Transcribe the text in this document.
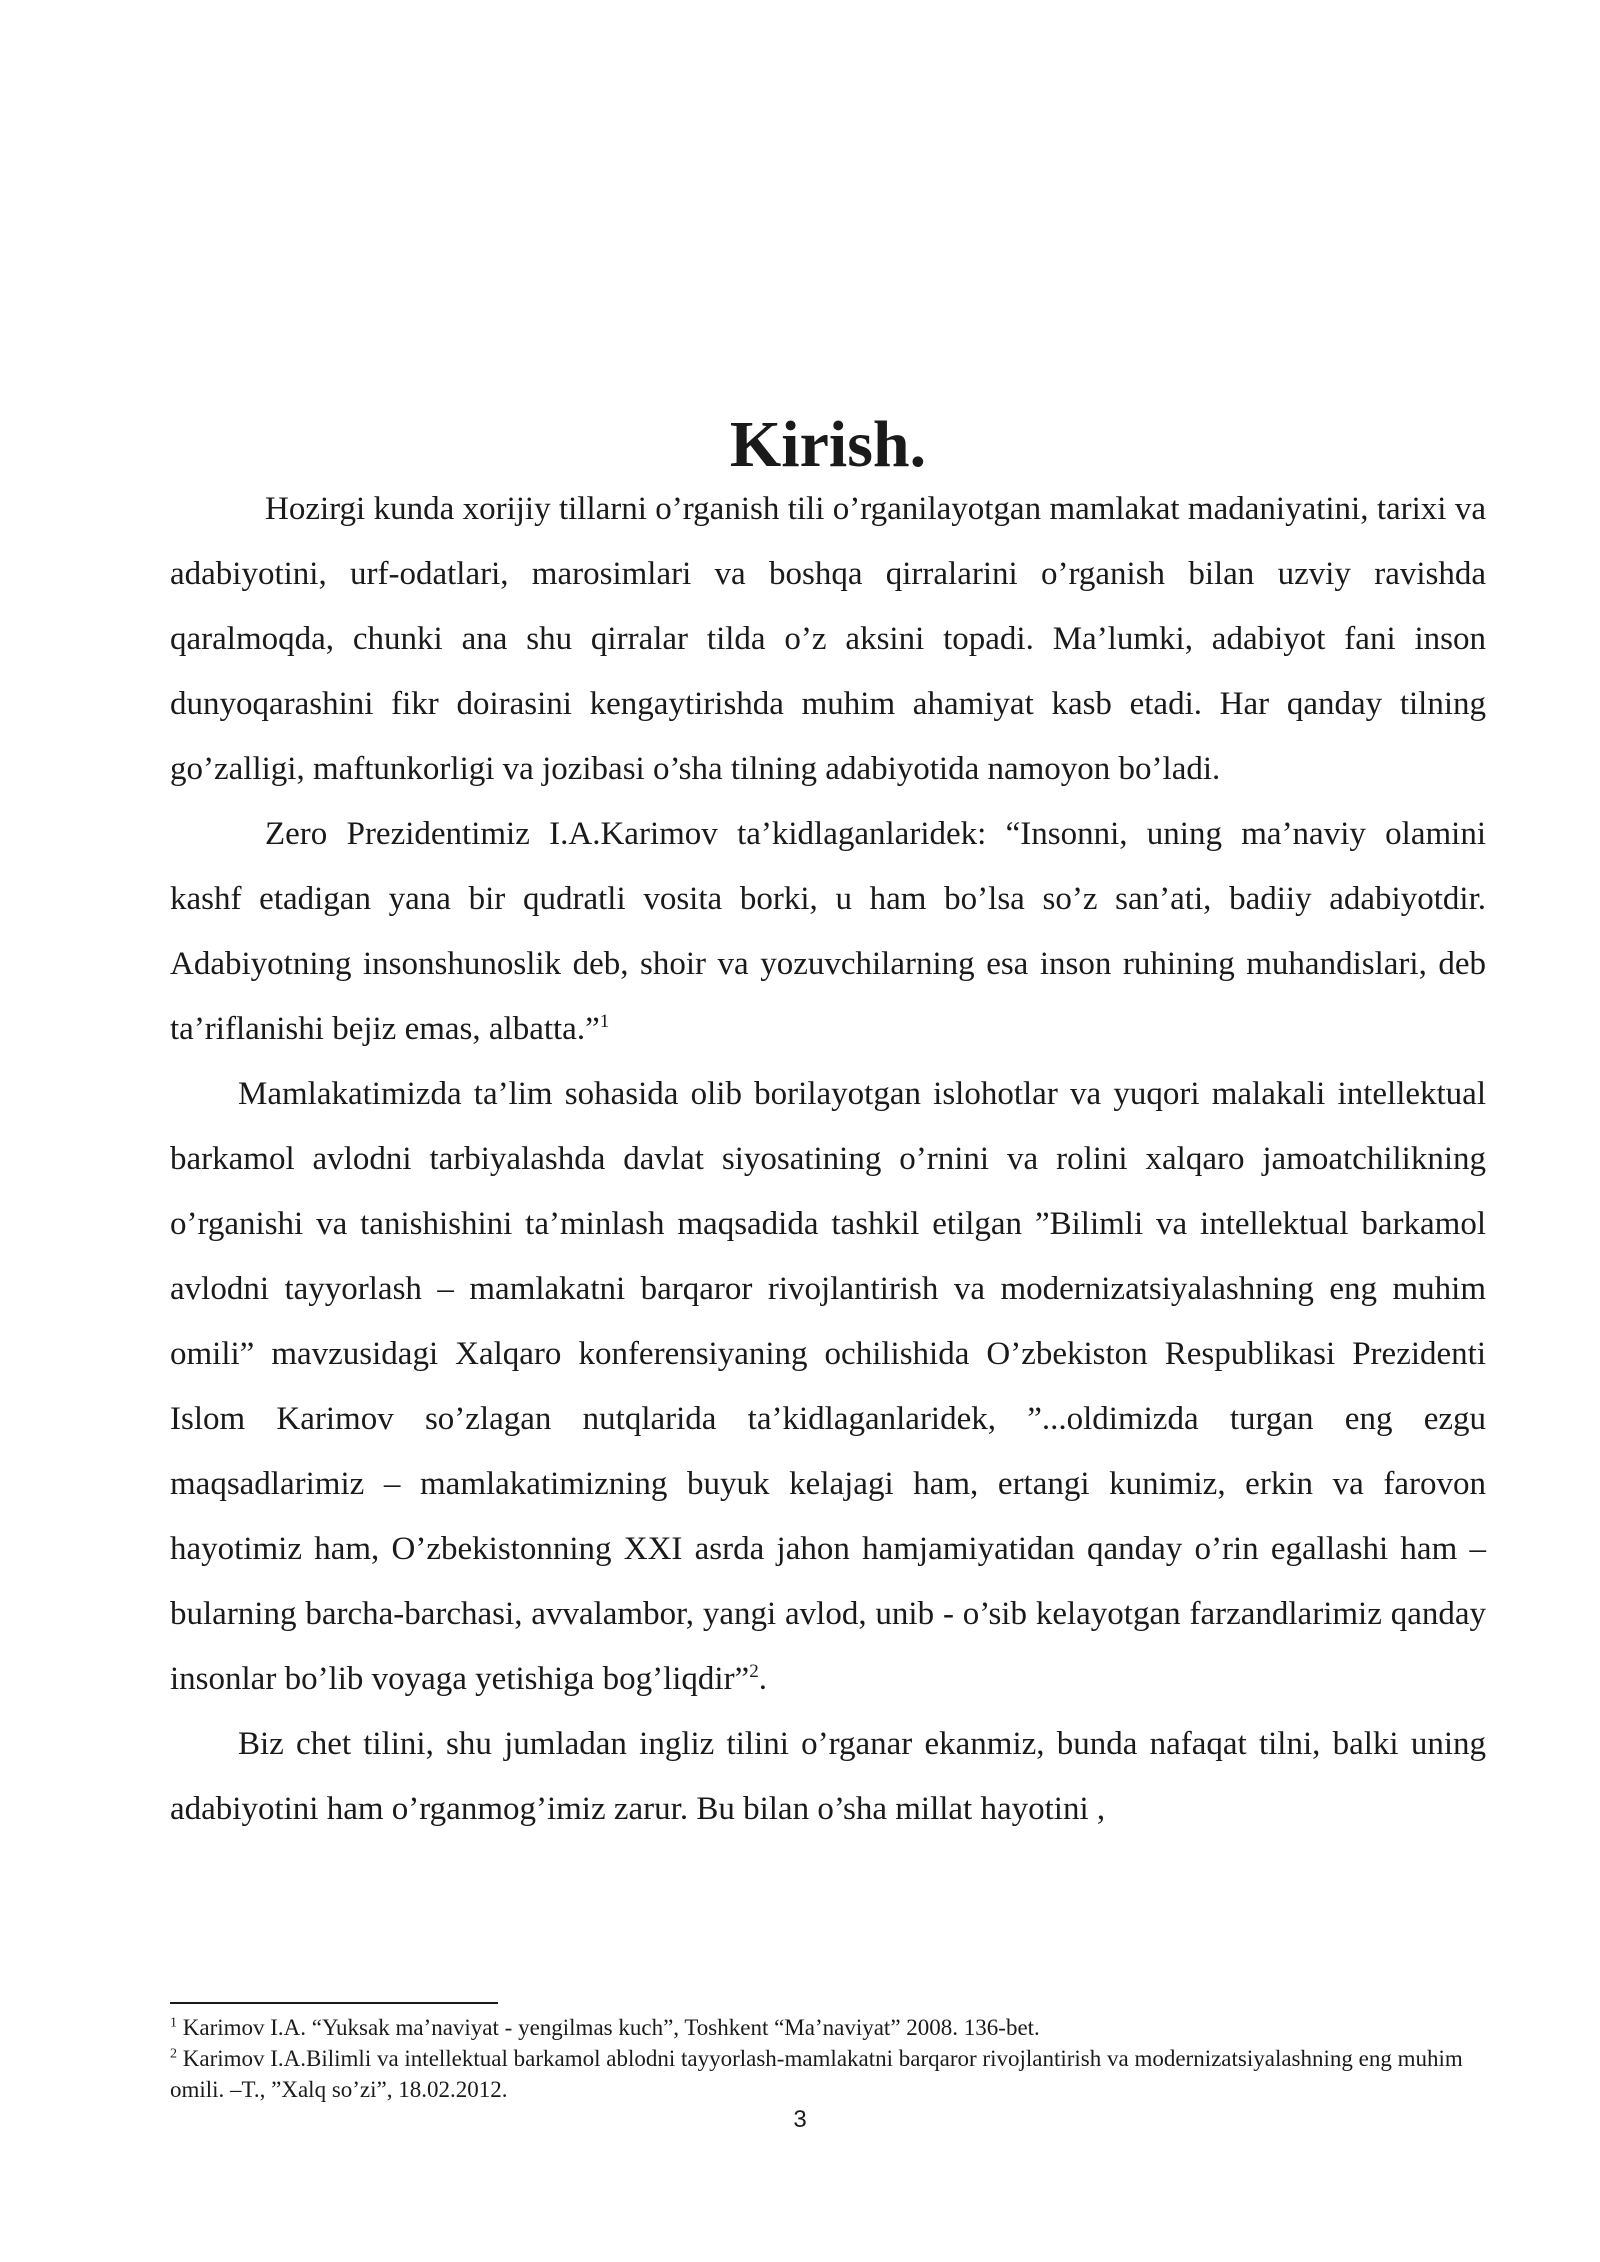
Kirish.

Hozirgi kunda xorijiy tillarni o’rganish tili o’rganilayotgan mamlakat madaniyatini, tarixi va adabiyotini, urf-odatlari, marosimlari va boshqa qirralarini o’rganish bilan uzviy ravishda qaralmoqda, chunki ana shu qirralar tilda o’z aksini topadi. Ma’lumki, adabiyot fani inson dunyoqarashini fikr doirasini kengaytirishda muhim ahamiyat kasb etadi. Har qanday tilning go’zalligi, maftunkorligi va jozibasi o’sha tilning adabiyotida namoyon bo’ladi.

Zero Prezidentimiz I.A.Karimov ta’kidlaganlaridek: “Insonni, uning ma’naviy olamini kashf etadigan yana bir qudratli vosita borki, u ham bo’lsa so’z san’ati, badiiy adabiyotdir. Adabiyotning insonshunoslik deb, shoir va yozuvchilarning esa inson ruhining muhandislari, deb ta’riflanishi bejiz emas, albatta.”$^1$

Mamlakatimizda ta’lim sohasida olib borilayotgan islohotlar va yuqori malakali intellektual barkamol avlodni tarbiyalashda davlat siyosatining o’rnini va rolini xalqaro jamoatchilikning o’rganishi va tanishishini ta’minlash maqsadida tashkil etilgan ”Bilimli va intellektual barkamol avlodni tayyorlash – mamlakatni barqaror rivojlantirish va modernizatsiyalashning eng muhim omili” mavzusidagi Xalqaro konferensiyaning ochilishida O’zbekiston Respublikasi Prezidenti Islom Karimov so’zlagan nutqlarida ta’kidlaganlaridek, ”...oldimizda turgan eng ezgu maqsadlarimiz – mamlakatimizning buyuk kelajagi ham, ertangi kunimiz, erkin va farovon hayotimiz ham, O’zbekistonning XXI asrda jahon hamjamiyatidan qanday o’rin egallashi ham – bularning barcha-barchasi, avvalambor, yangi avlod, unib - o’sib kelayotgan farzandlarimiz qanday insonlar bo’lib voyaga yetishiga bog’liqdir”$^2$.

Biz chet tilini, shu jumladan ingliz tilini o’rganar ekanmiz, bunda nafaqat tilni, balki uning adabiyotini ham o’rganmog’imiz zarur. Bu bilan o’sha millat hayotini ,

$^1$ Karimov I.A. “Yuksak ma’naviyat - yengilmas kuch”, Toshkent “Ma’naviyat” 2008. 136-bet.

$^2$ Karimov I.A.Bilimli va intellektual barkamol ablodni tayyorlash-mamlakatni barqaror rivojlantirish va modernizatsiyalashning eng muhim omili. –T., ”Xalq so’zi”, 18.02.2012.

3
